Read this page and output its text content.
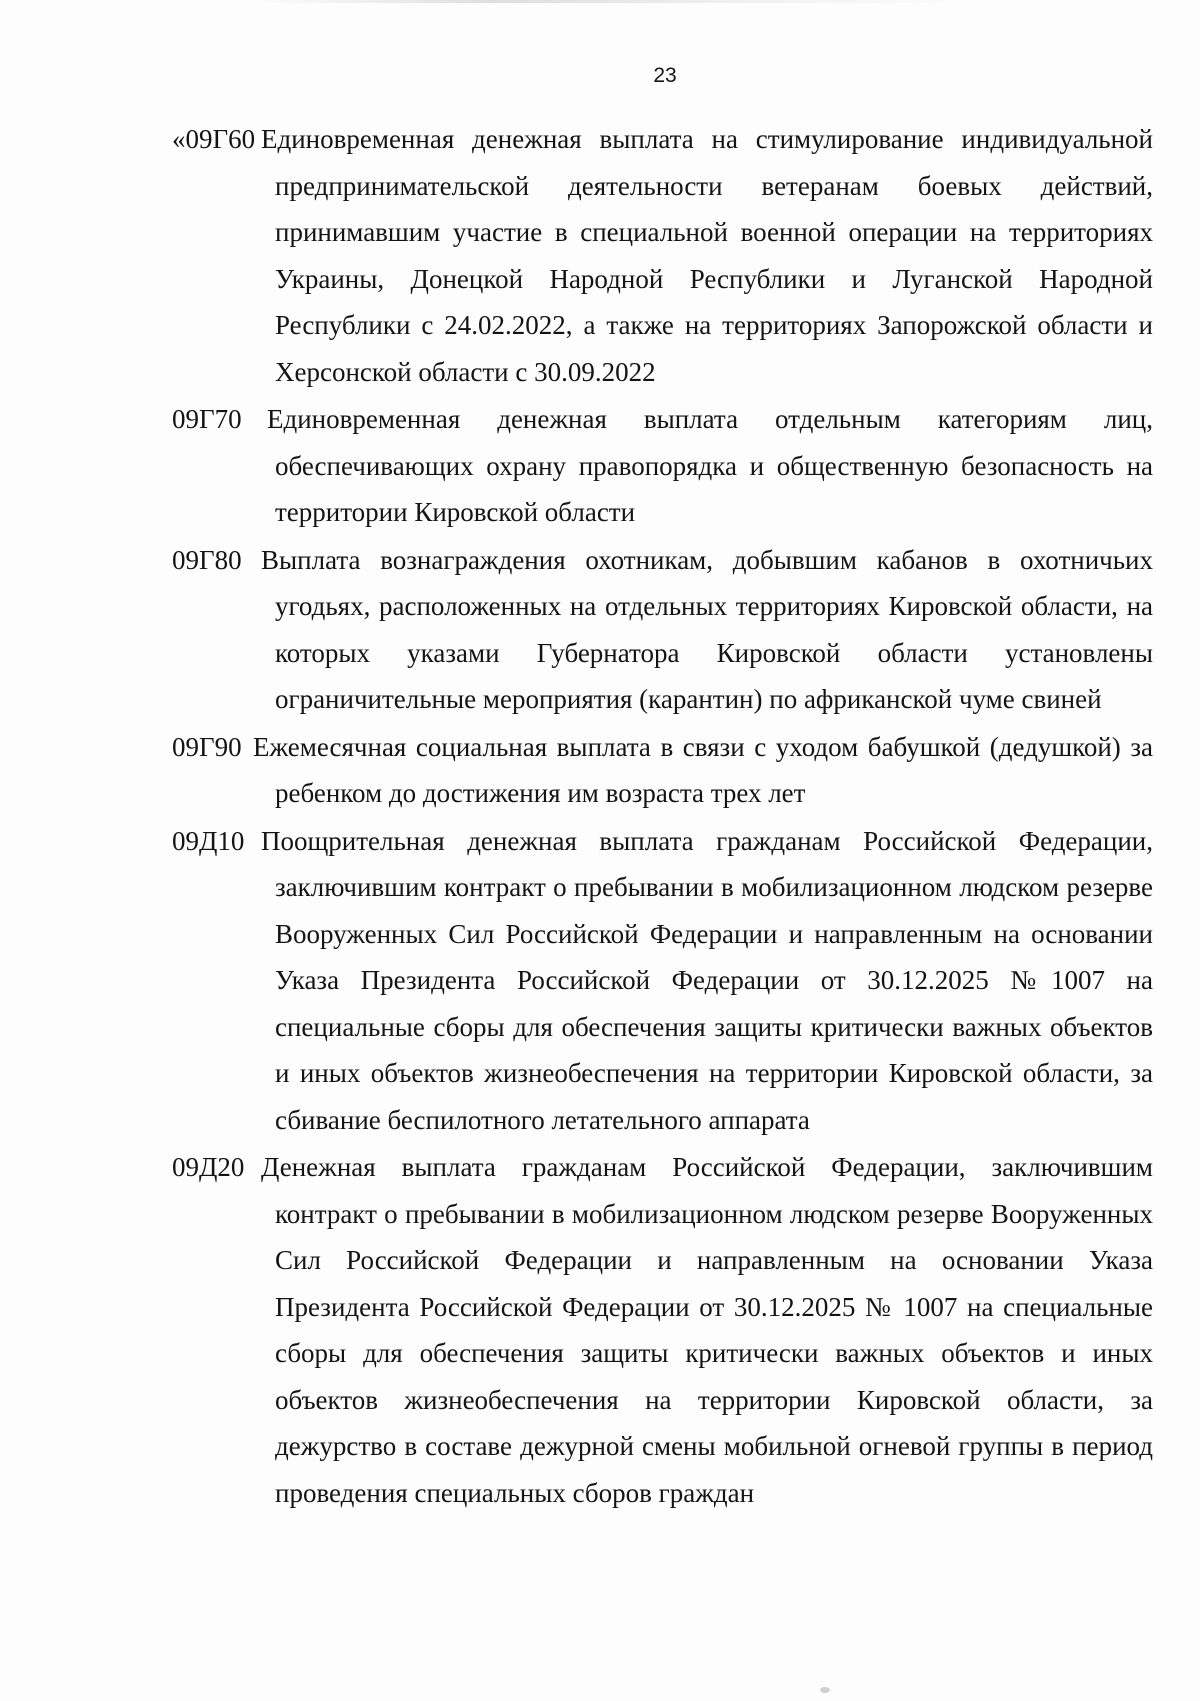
23
«09Г60 Единовременная денежная выплата на стимулирование индивидуальной предпринимательской деятельности ветеранам боевых действий, принимавшим участие в специальной военной операции на территориях Украины, Донецкой Народной Республики и Луганской Народной Республики с 24.02.2022, а также на территориях Запорожской области и Херсонской области с 30.09.2022
09Г70 Единовременная денежная выплата отдельным категориям лиц, обеспечивающих охрану правопорядка и общественную безопасность на территории Кировской области
09Г80 Выплата вознаграждения охотникам, добывшим кабанов в охотничьих угодьях, расположенных на отдельных территориях Кировской области, на которых указами Губернатора Кировской области установлены ограничительные мероприятия (карантин) по африканской чуме свиней
09Г90 Ежемесячная социальная выплата в связи с уходом бабушкой (дедушкой) за ребенком до достижения им возраста трех лет
09Д10 Поощрительная денежная выплата гражданам Российской Федерации, заключившим контракт о пребывании в мобилизационном людском резерве Вооруженных Сил Российской Федерации и направленным на основании Указа Президента Российской Федерации от 30.12.2025 №1007 на специальные сборы для обеспечения защиты критически важных объектов и иных объектов жизнеобеспечения на территории Кировской области, за сбивание беспилотного летательного аппарата
09Д20 Денежная выплата гражданам Российской Федерации, заключившим контракт о пребывании в мобилизационном людском резерве Вооруженных Сил Российской Федерации и направленным на основании Указа Президента Российской Федерации от 30.12.2025 № 1007 на специальные сборы для обеспечения защиты критически важных объектов и иных объектов жизнеобеспечения на территории Кировской области, за дежурство в составе дежурной смены мобильной огневой группы в период проведения специальных сборов граждан
